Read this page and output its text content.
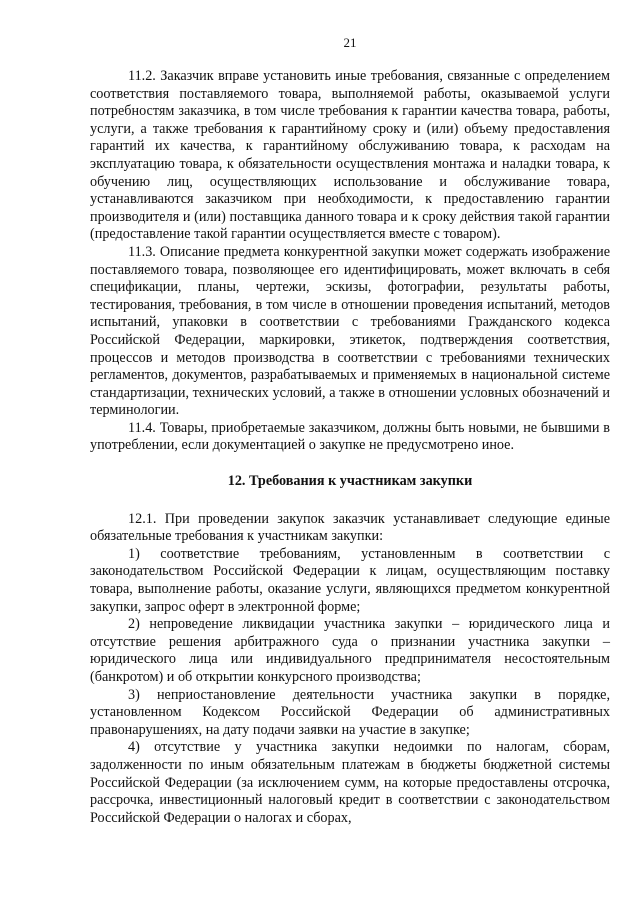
21

11.2. Заказчик вправе установить иные требования, связанные с определением соответствия поставляемого товара, выполняемой работы, оказываемой услуги потребностям заказчика, в том числе требования к гарантии качества товара, работы, услуги, а также требования к гарантийному сроку и (или) объему предоставления гарантий их качества, к гарантийному обслуживанию товара, к расходам на эксплуатацию товара, к обязательности осуществления монтажа и наладки товара, к обучению лиц, осуществляющих использование и обслуживание товара, устанавливаются заказчиком при необходимости, к предоставлению гарантии производителя и (или) поставщика данного товара и к сроку действия такой гарантии (предоставление такой гарантии осуществляется вместе с товаром).

11.3. Описание предмета конкурентной закупки может содержать изображение поставляемого товара, позволяющее его идентифицировать, может включать в себя спецификации, планы, чертежи, эскизы, фотографии, результаты работы, тестирования, требования, в том числе в отношении проведения испытаний, методов испытаний, упаковки в соответствии с требованиями Гражданского кодекса Российской Федерации, маркировки, этикеток, подтверждения соответствия, процессов и методов производства в соответствии с требованиями технических регламентов, документов, разрабатываемых и применяемых в национальной системе стандартизации, технических условий, а также в отношении условных обозначений и терминологии.

11.4. Товары, приобретаемые заказчиком, должны быть новыми, не бывшими в употреблении, если документацией о закупке не предусмотрено иное.

12. Требования к участникам закупки

12.1. При проведении закупок заказчик устанавливает следующие единые обязательные требования к участникам закупки:

1) соответствие требованиям, установленным в соответствии с законодательством Российской Федерации к лицам, осуществляющим поставку товара, выполнение работы, оказание услуги, являющихся предметом конкурентной закупки, запрос оферт в электронной форме;

2) непроведение ликвидации участника закупки – юридического лица и отсутствие решения арбитражного суда о признании участника закупки – юридического лица или индивидуального предпринимателя несостоятельным (банкротом) и об открытии конкурсного производства;

3) неприостановление деятельности участника закупки в порядке, установленном Кодексом Российской Федерации об административных правонарушениях, на дату подачи заявки на участие в закупке;

4) отсутствие у участника закупки недоимки по налогам, сборам, задолженности по иным обязательным платежам в бюджеты бюджетной системы Российской Федерации (за исключением сумм, на которые предоставлены отсрочка, рассрочка, инвестиционный налоговый кредит в соответствии с законодательством Российской Федерации о налогах и сборах,
